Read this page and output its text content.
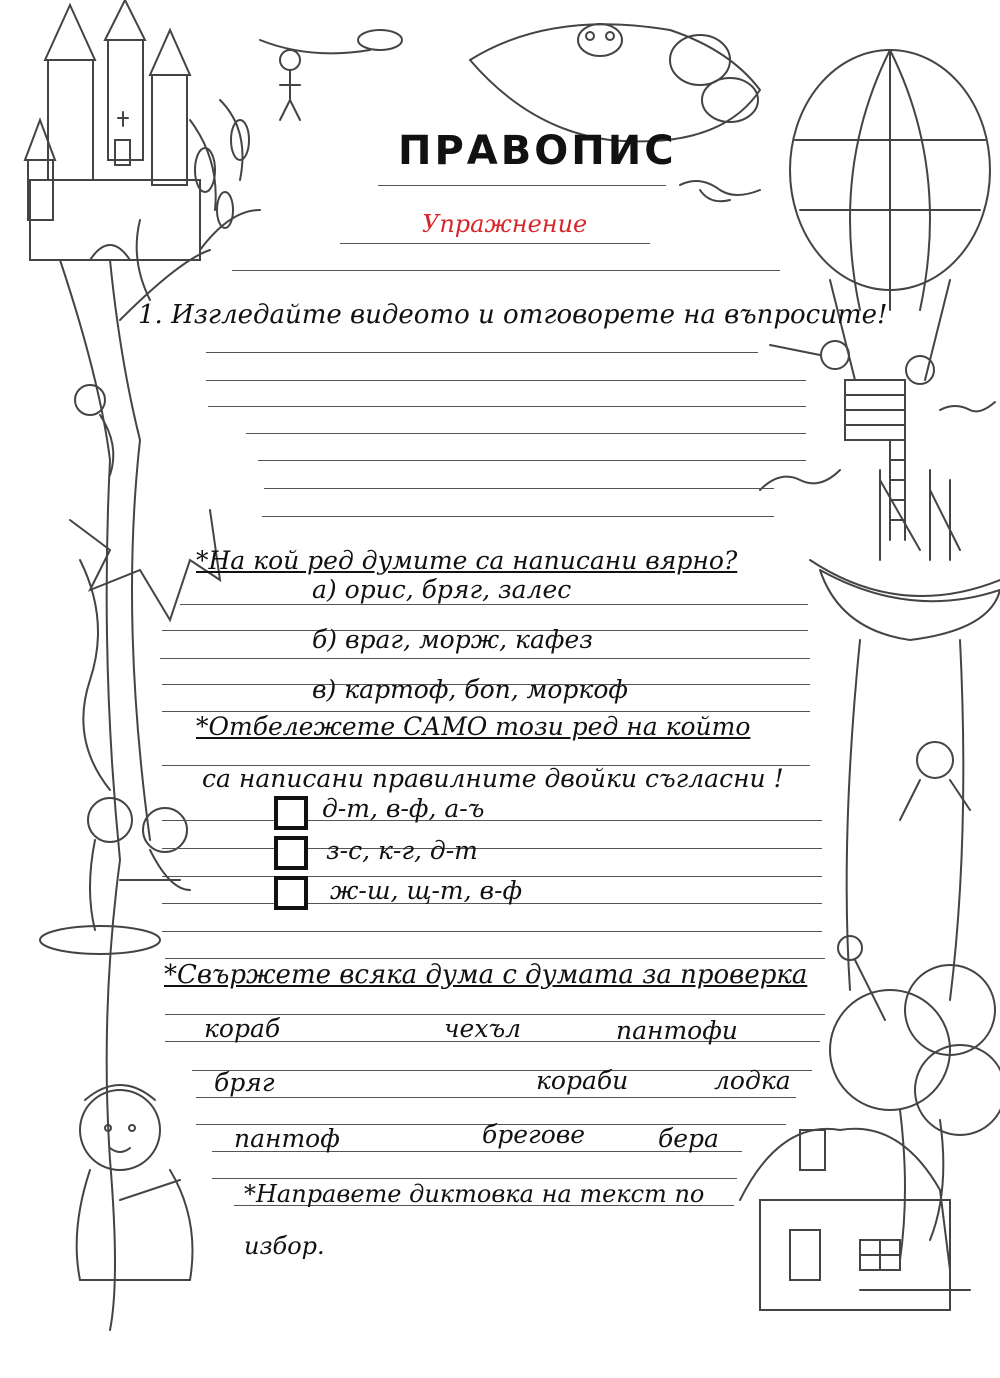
ПРАВОПИС
Упражнение
1. Изгледайте видеото и отговорете на въпросите!
*На кой ред думите са написани вярно?
а) орис, бряг, залес
б) враг, морж, кафез
в) картоф, боп, моркоф
*Отбележете САМО този ред на който
са написани правилните двойки съгласни !
д-т, в-ф, а-ъ
з-с, к-г, д-т
ж-ш, щ-т, в-ф
*Свържете всяка дума с думата за проверка
кораб	чехъл	пантофи
бряг	кораби	лодка
пантоф	брегове	бера
*Направете диктовка на текст по
избор.
